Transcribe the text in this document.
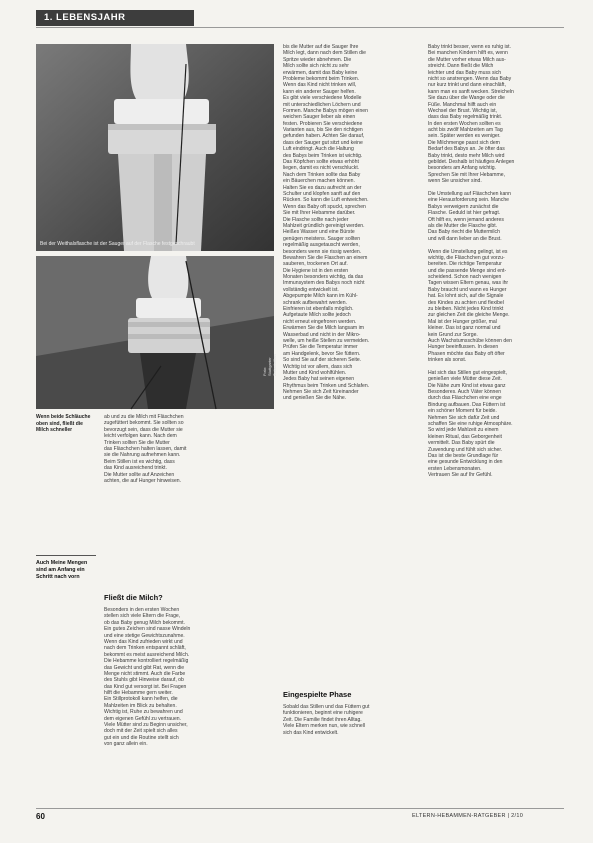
1. LEBENSJAHR
Bei der Weithalsflasche ist der Sauger auf der Flasche festgeschraubt
Foto: Stuttgarter Zeitschriften
Wenn beide Schläuche oben sind, fließt die Milch schneller
Auch Meine Mengen sind am Anfang ein Schritt nach vorn
ab und zu die Milch mit Fläschchen
zugefüttert bekommt. Sie sollten so
bevorzugt sein, dass die Mutter sie
leicht verfolgen kann. Nach dem
Trinken sollten Sie die Mutter
das Fläschchen halten lassen, damit
sie die Nahrung aufnehmen kann.
Beim Stillen ist es wichtig, dass
das Kind ausreichend trinkt.
Die Mutter sollte auf Anzeichen
achten, die auf Hunger hinweisen.
Fließt die Milch?
Besonders in den ersten Wochen
stellen sich viele Eltern die Frage,
ob das Baby genug Milch bekommt.
Ein gutes Zeichen sind nasse Windeln
und eine stetige Gewichtszunahme.
Wenn das Kind zufrieden wirkt und
nach dem Trinken entspannt schläft,
bekommt es meist ausreichend Milch.
Die Hebamme kontrolliert regelmäßig
das Gewicht und gibt Rat, wenn die
Menge nicht stimmt. Auch die Farbe
des Stuhls gibt Hinweise darauf, ob
das Kind gut versorgt ist. Bei Fragen
hilft die Hebamme gern weiter.
Ein Stillprotokoll kann helfen, die
Mahlzeiten im Blick zu behalten.
Wichtig ist, Ruhe zu bewahren und
dem eigenen Gefühl zu vertrauen.
Viele Mütter sind zu Beginn unsicher,
doch mit der Zeit spielt sich alles
gut ein und die Routine stellt sich
von ganz allein ein.
bis die Mutter auf die Sauger Ihre
Milch legt, dann nach dem Stillen die
Spritze wieder abnehmen. Die
Milch sollte sich nicht zu sehr
erwärmen, damit das Baby keine
Probleme bekommt beim Trinken.
Wenn das Kind nicht trinken will,
kann ein anderer Sauger helfen.
Es gibt viele verschiedene Modelle
mit unterschiedlichen Löchern und
Formen. Manche Babys mögen einen
weichen Sauger lieber als einen
festen. Probieren Sie verschiedene
Varianten aus, bis Sie den richtigen
gefunden haben. Achten Sie darauf,
dass der Sauger gut sitzt und keine
Luft eindringt. Auch die Haltung
des Babys beim Trinken ist wichtig.
Das Köpfchen sollte etwas erhöht
liegen, damit es nicht verschluckt.
Nach dem Trinken sollte das Baby
ein Bäuerchen machen können.
Halten Sie es dazu aufrecht an der
Schulter und klopfen sanft auf den
Rücken. So kann die Luft entweichen.
Wenn das Baby oft spuckt, sprechen
Sie mit Ihrer Hebamme darüber.
Die Flasche sollte nach jeder
Mahlzeit gründlich gereinigt werden.
Heißes Wasser und eine Bürste
genügen meistens. Sauger sollten
regelmäßig ausgetauscht werden,
besonders wenn sie rissig werden.
Bewahren Sie die Flaschen an einem
sauberen, trockenen Ort auf.
Die Hygiene ist in den ersten
Monaten besonders wichtig, da das
Immunsystem des Babys noch nicht
vollständig entwickelt ist.
Abgepumpte Milch kann im Kühl-
schrank aufbewahrt werden.
Einfrieren ist ebenfalls möglich.
Aufgetaute Milch sollte jedoch
nicht erneut eingefroren werden.
Erwärmen Sie die Milch langsam im
Wasserbad und nicht in der Mikro-
welle, um heiße Stellen zu vermeiden.
Prüfen Sie die Temperatur immer
am Handgelenk, bevor Sie füttern.
So sind Sie auf der sicheren Seite.
Wichtig ist vor allem, dass sich
Mutter und Kind wohlfühlen.
Jedes Baby hat seinen eigenen
Rhythmus beim Trinken und Schlafen.
Nehmen Sie sich Zeit füreinander
und genießen Sie die Nähe.
Eingespielte Phase
Sobald das Stillen und das Füttern gut
funktionieren, beginnt eine ruhigere
Zeit. Die Familie findet ihren Alltag.
Viele Eltern merken nun, wie schnell
sich das Kind entwickelt.
Baby trinkt besser, wenn es ruhig ist.
Bei manchen Kindern hilft es, wenn
die Mutter vorher etwas Milch aus-
streicht. Dann fließt die Milch
leichter und das Baby muss sich
nicht so anstrengen. Wenn das Baby
nur kurz trinkt und dann einschläft,
kann man es sanft wecken. Streicheln
Sie dazu über die Wange oder die
Füße. Manchmal hilft auch ein
Wechsel der Brust. Wichtig ist,
dass das Baby regelmäßig trinkt.
In den ersten Wochen sollten es
acht bis zwölf Mahlzeiten am Tag
sein. Später werden es weniger.
Die Milchmenge passt sich dem
Bedarf des Babys an. Je öfter das
Baby trinkt, desto mehr Milch wird
gebildet. Deshalb ist häufiges Anlegen
besonders am Anfang wichtig.
Sprechen Sie mit Ihrer Hebamme,
wenn Sie unsicher sind.

Die Umstellung auf Fläschchen kann
eine Herausforderung sein. Manche
Babys verweigern zunächst die
Flasche. Geduld ist hier gefragt.
Oft hilft es, wenn jemand anderes
als die Mutter die Flasche gibt.
Das Baby riecht die Muttermilch
und will dann lieber an die Brust.

Wenn die Umstellung gelingt, ist es
wichtig, die Fläschchen gut vorzu-
bereiten. Die richtige Temperatur
und die passende Menge sind ent-
scheidend. Schon nach wenigen
Tagen wissen Eltern genau, was ihr
Baby braucht und wann es Hunger
hat. Es lohnt sich, auf die Signale
des Kindes zu achten und flexibel
zu bleiben. Nicht jedes Kind trinkt
zur gleichen Zeit die gleiche Menge.
Mal ist der Hunger größer, mal
kleiner. Das ist ganz normal und
kein Grund zur Sorge.
Auch Wachstumsschübe können den
Hunger beeinflussen. In diesen
Phasen möchte das Baby oft öfter
trinken als sonst.

Hat sich das Stillen gut eingespielt,
genießen viele Mütter diese Zeit.
Die Nähe zum Kind ist etwas ganz
Besonderes. Auch Väter können
durch das Fläschchen eine enge
Bindung aufbauen. Das Füttern ist
ein schöner Moment für beide.
Nehmen Sie sich dafür Zeit und
schaffen Sie eine ruhige Atmosphäre.
So wird jede Mahlzeit zu einem
kleinen Ritual, das Geborgenheit
vermittelt. Das Baby spürt die
Zuwendung und fühlt sich sicher.
Das ist die beste Grundlage für
eine gesunde Entwicklung in den
ersten Lebensmonaten.
Vertrauen Sie auf Ihr Gefühl.
60	ELTERN-HEBAMMEN-RATGEBER | 2/10
